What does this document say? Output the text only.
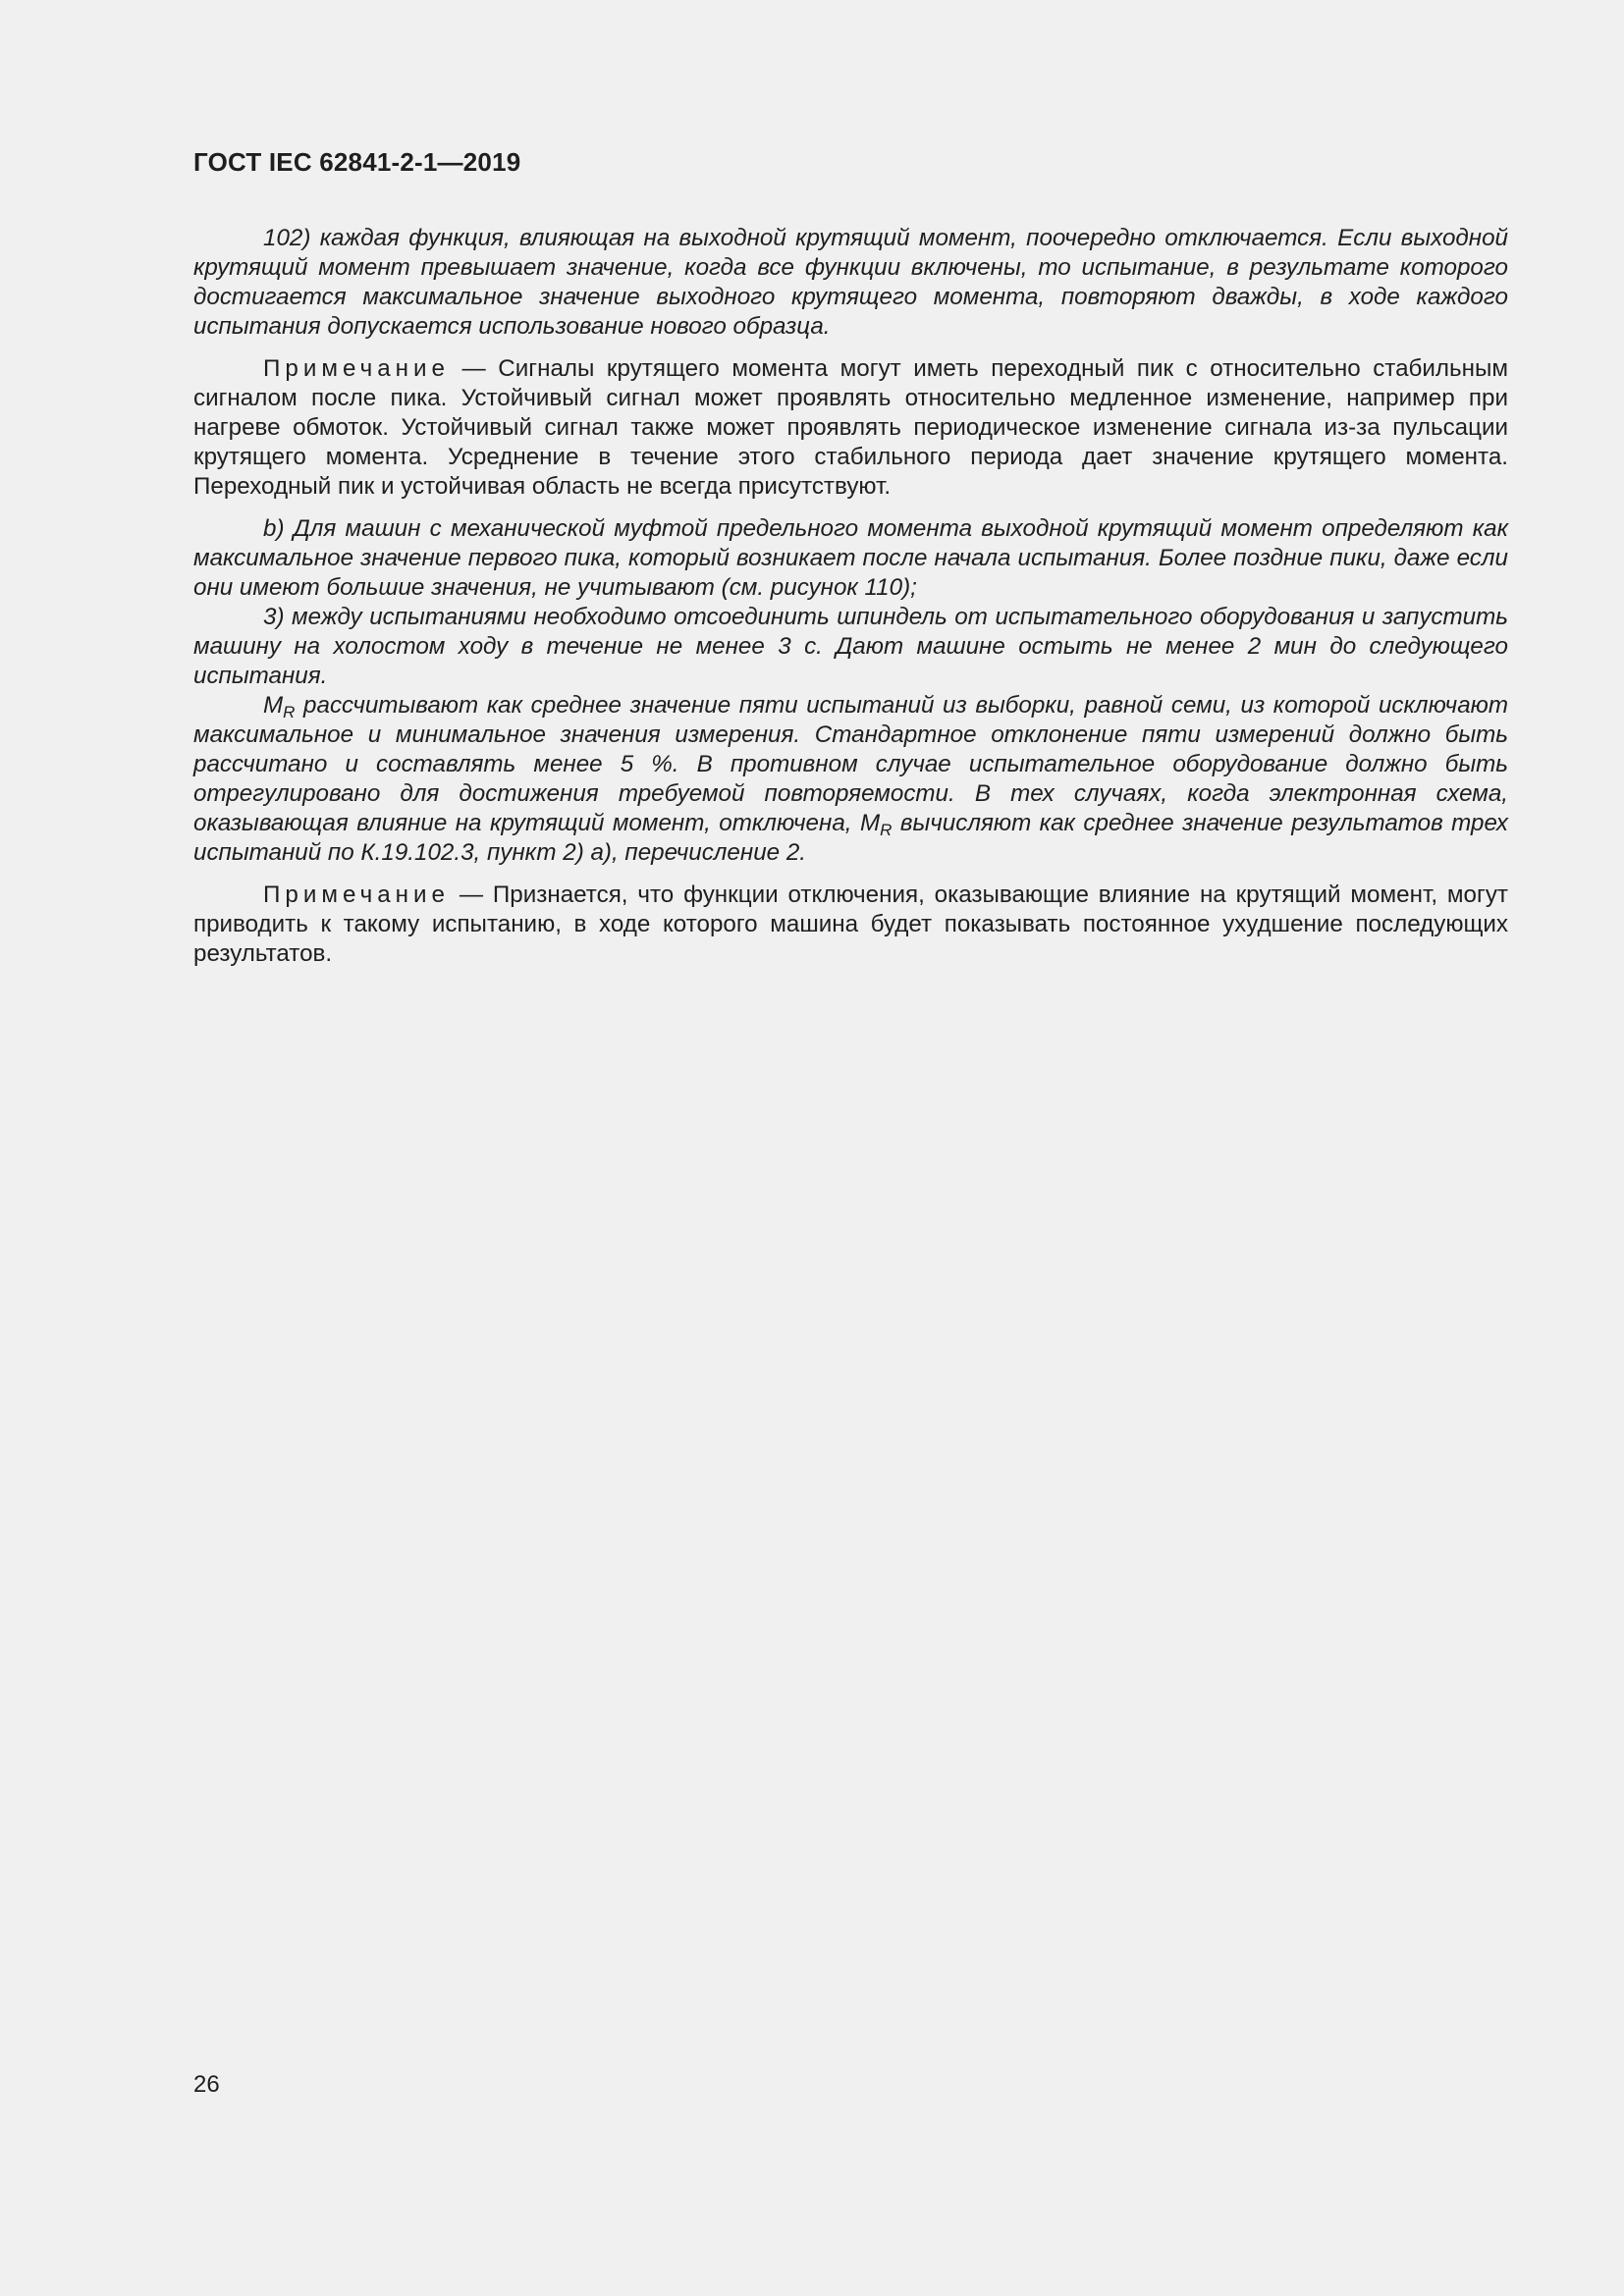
ГОСТ IEC 62841-2-1—2019

102) каждая функция, влияющая на выходной крутящий момент, поочередно отключается. Если выходной крутящий момент превышает значение, когда все функции включены, то испытание, в результате которого достигается максимальное значение выходного крутящего момента, повторяют дважды, в ходе каждого испытания допускается использование нового образца.

Примечание — Сигналы крутящего момента могут иметь переходный пик с относительно стабильным сигналом после пика. Устойчивый сигнал может проявлять относительно медленное изменение, например при нагреве обмоток. Устойчивый сигнал также может проявлять периодическое изменение сигнала из-за пульсации крутящего момента. Усреднение в течение этого стабильного периода дает значение крутящего момента. Переходный пик и устойчивая область не всегда присутствуют.

b) Для машин с механической муфтой предельного момента выходной крутящий момент определяют как максимальное значение первого пика, который возникает после начала испытания. Более поздние пики, даже если они имеют большие значения, не учитывают (см. рисунок 110);

3) между испытаниями необходимо отсоединить шпиндель от испытательного оборудования и запустить машину на холостом ходу в течение не менее 3 с. Дают машине остыть не менее 2 мин до следующего испытания.

$M_R$ рассчитывают как среднее значение пяти испытаний из выборки, равной семи, из которой исключают максимальное и минимальное значения измерения. Стандартное отклонение пяти измерений должно быть рассчитано и составлять менее 5 %. В противном случае испытательное оборудование должно быть отрегулировано для достижения требуемой повторяемости. В тех случаях, когда электронная схема, оказывающая влияние на крутящий момент, отключена, $M_R$ вычисляют как среднее значение результатов трех испытаний по К.19.102.3, пункт 2) а), перечисление 2.

Примечание — Признается, что функции отключения, оказывающие влияние на крутящий момент, могут приводить к такому испытанию, в ходе которого машина будет показывать постоянное ухудшение последующих результатов.

26
